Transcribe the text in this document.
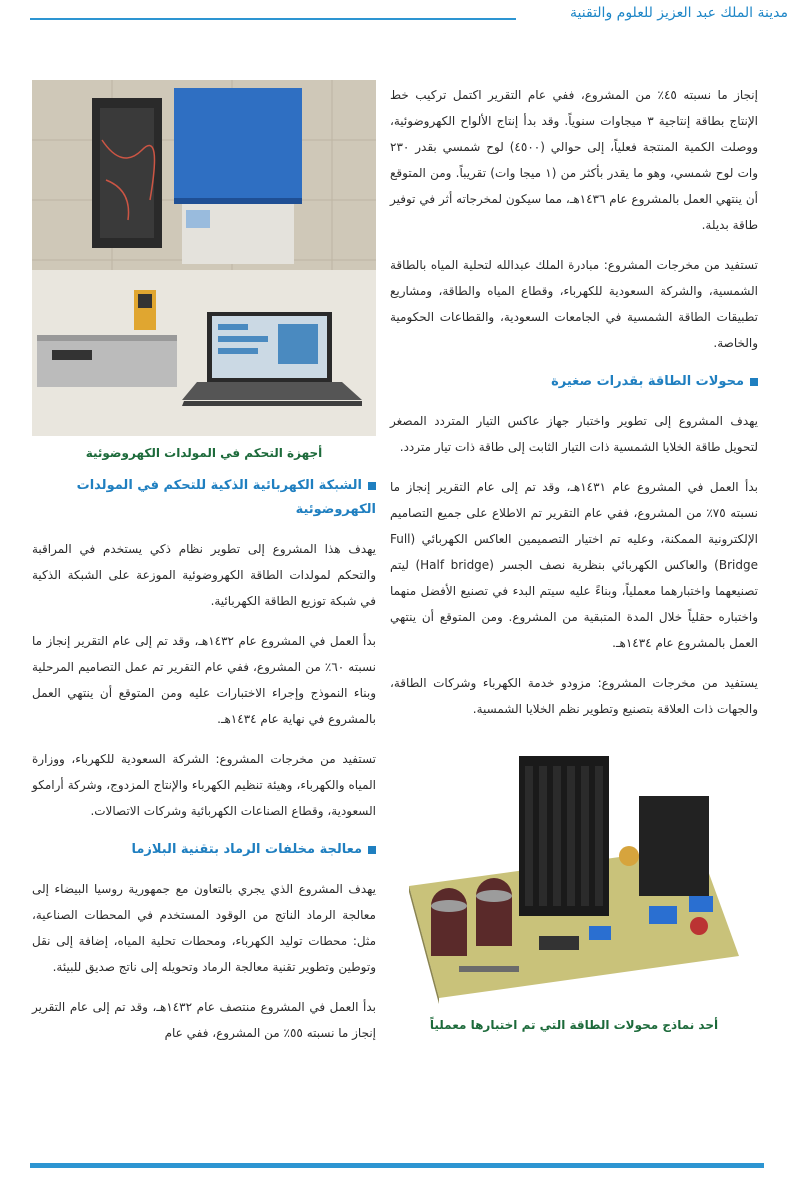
مدينة الملك عبد العزيز للعلوم والتقنية

إنجاز ما نسبته ٤٥٪ من المشروع، ففي عام التقرير اكتمل تركيب خط الإنتاج بطاقة إنتاجية ٣ ميجاوات سنوياً. وقد بدأ إنتاج الألواح الكهروضوئية، ووصلت الكمية المنتجة فعلياً، إلى حوالي (٤٥٠٠) لوح شمسي بقدر ٢٣٠ وات لوح شمسي، وهو ما يقدر بأكثر من (١ ميجا وات) تقريباً. ومن المتوقع أن ينتهي العمل بالمشروع عام ١٤٣٦هـ، مما سيكون لمخرجاته أثر في توفير طاقة بديلة.

تستفيد من مخرجات المشروع: مبادرة الملك عبدالله لتحلية المياه بالطاقة الشمسية، والشركة السعودية للكهرباء، وقطاع المياه والطاقة، ومشاريع تطبيقات الطاقة الشمسية في الجامعات السعودية، والقطاعات الحكومية والخاصة.

محولات الطاقة بقدرات صغيرة

يهدف المشروع إلى تطوير واختبار جهاز عاكس التيار المتردد المصغر لتحويل طاقة الخلايا الشمسية ذات التيار الثابت إلى طاقة ذات تيار متردد.

بدأ العمل في المشروع عام ١٤٣١هـ، وقد تم إلى عام التقرير إنجاز ما نسبته ٧٥٪ من المشروع، ففي عام التقرير تم الاطلاع على جميع التصاميم الإلكترونية الممكنة، وعليه تم اختيار التصميمين العاكس الكهربائي (Full Bridge) والعاكس الكهربائي بنظرية نصف الجسر (Half bridge) ليتم تصنيعهما واختبارهما معملياً، وبناءً عليه سيتم البدء في تصنيع الأفضل منهما واختباره حقلياً خلال المدة المتبقية من المشروع. ومن المتوقع أن ينتهي العمل بالمشروع عام ١٤٣٤هـ.

يستفيد من مخرجات المشروع: مزودو خدمة الكهرباء وشركات الطاقة، والجهات ذات العلاقة بتصنيع وتطوير نظم الخلايا الشمسية.

أحد نماذج محولات الطاقة التي تم اختبارها معملياً
أجهزة التحكم في المولدات الكهروضوئية
الشبكة الكهربائية الذكية للتحكم في المولدات الكهروضوئية

يهدف هذا المشروع إلى تطوير نظام ذكي يستخدم في المراقبة والتحكم لمولدات الطاقة الكهروضوئية الموزعة على الشبكة الذكية في شبكة توزيع الطاقة الكهربائية.

بدأ العمل في المشروع عام ١٤٣٢هـ، وقد تم إلى عام التقرير إنجاز ما نسبته ٦٠٪ من المشروع، ففي عام التقرير تم عمل التصاميم المرحلية وبناء النموذج وإجراء الاختبارات عليه ومن المتوقع أن ينتهي العمل بالمشروع في نهاية عام ١٤٣٤هـ.

تستفيد من مخرجات المشروع: الشركة السعودية للكهرباء، ووزارة المياه والكهرباء، وهيئة تنظيم الكهرباء والإنتاج المزدوج، وشركة أرامكو السعودية، وقطاع الصناعات الكهربائية وشركات الاتصالات.

معالجة مخلفات الرماد بتقنية البلازما

يهدف المشروع الذي يجري بالتعاون مع جمهورية روسيا البيضاء إلى معالجة الرماد الناتج من الوقود المستخدم في المحطات الصناعية، مثل: محطات توليد الكهرباء، ومحطات تحلية المياه، إضافة إلى نقل وتوطين وتطوير تقنية معالجة الرماد وتحويله إلى ناتج صديق للبيئة.

بدأ العمل في المشروع منتصف عام ١٤٣٢هـ، وقد تم إلى عام التقرير إنجاز ما نسبته ٥٥٪ من المشروع، ففي عام
